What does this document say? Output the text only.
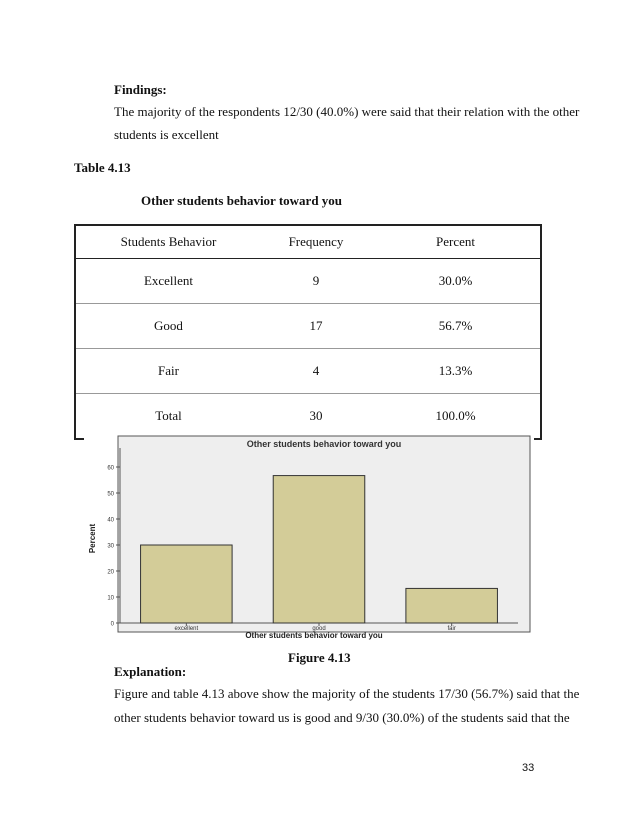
Findings:
The majority of the respondents 12/30 (40.0%) were said that their relation with the other
students is excellent
Table 4.13
Other students behavior toward you
Students Behavior	Frequency	Percent
Excellent	9	30.0%
Good	17	56.7%
Fair	4	13.3%
Total	30	100.0%
Other students behavior toward you
0
10
20
30
40
50
60
Percent
excellent	good	fair
Other students behavior toward you
Figure 4.13
Explanation:
Figure and table 4.13 above show the majority of the students 17/30 (56.7%) said that the
other students behavior toward us is good and 9/30 (30.0%) of the students said that the
33
